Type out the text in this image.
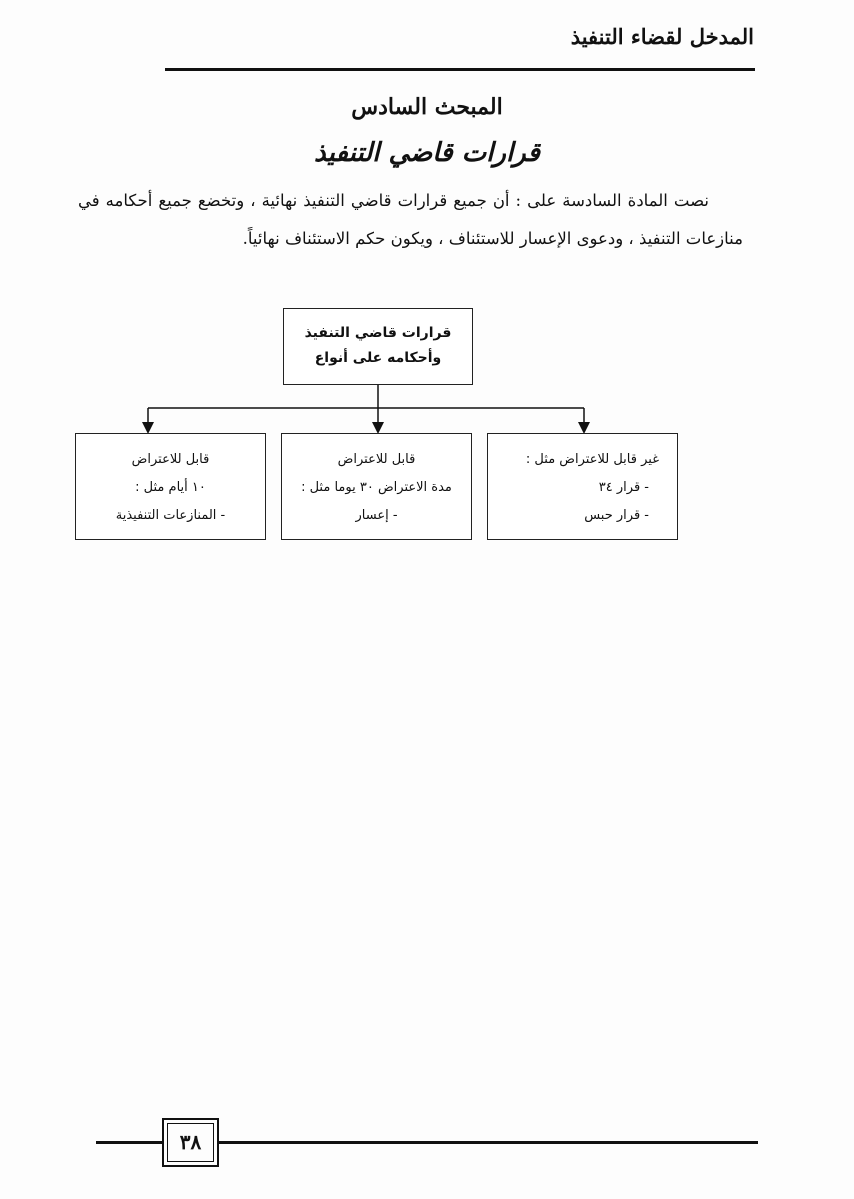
المدخل لقضاء التنفيذ
المبحث السادس
قرارات قاضي التنفيذ
نصت المادة السادسة على : أن جميع قرارات قاضي التنفيذ نهائية ، وتخضع جميع أحكامه في منازعات التنفيذ ، ودعوى الإعسار للاستئناف ، ويكون حكم الاستئناف نهائياً.
قرارات قاضي التنفيذ
وأحكامه على أنواع
غير قابل للاعتراض مثل :
- قرار ٣٤
- قرار حبس
قابل للاعتراض
مدة الاعتراض ٣٠ يوما مثل :
- إعسار
قابل للاعتراض
١٠ أيام مثل :
- المنازعات التنفيذية
٣٨
